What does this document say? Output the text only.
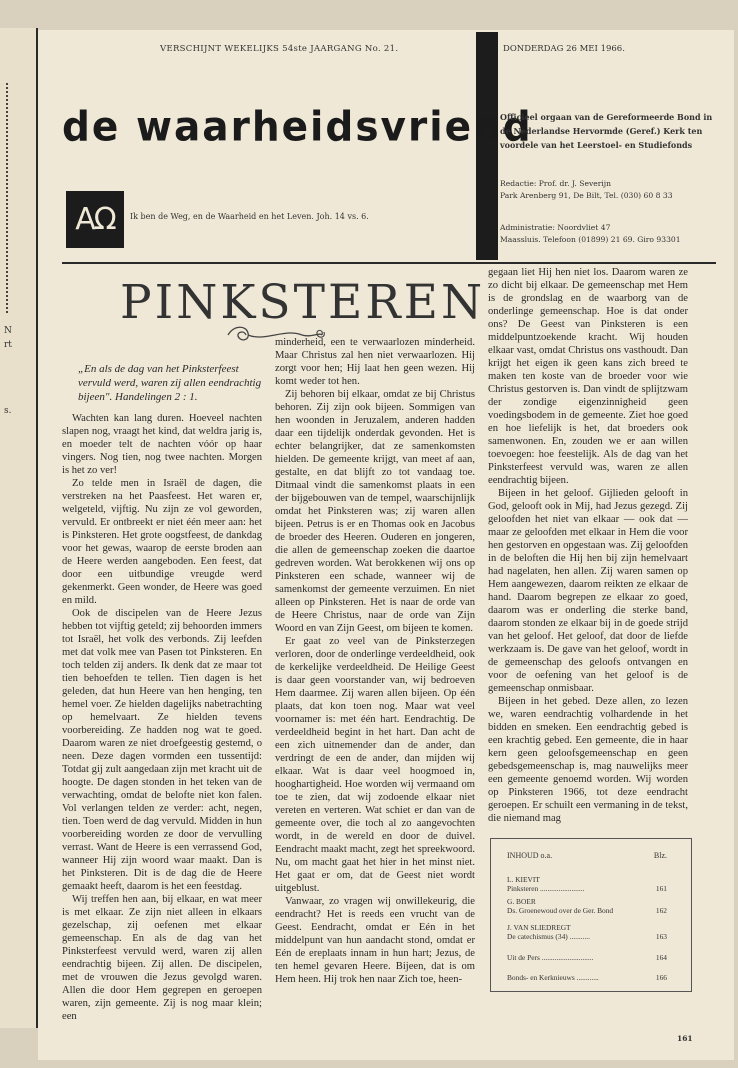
N
rt
s.
VERSCHIJNT WEKELIJKS 54ste JAARGANG No. 21.	DONDERDAG 26 MEI 1966.
de waarheidsvriend
Officieel orgaan van de Gereformeerde Bond in de Nederlandse Hervormde (Geref.) Kerk ten voordele van het Leerstoel- en Studiefonds
Redactie: Prof. dr. J. Severijn
Park Arenberg 91, De Bilt, Tel. (030) 60 8 33
Administratie: Noordvliet 47
Maassluis. Telefoon (01899) 21 69. Giro 93301
AΩ	Ik ben de Weg, en de Waarheid en het Leven. Joh. 14 vs. 6.
PINKSTEREN
„En als de dag van het Pinksterfeest vervuld werd, waren zij allen eendrachtig bijeen". Handelingen 2 : 1.

Wachten kan lang duren. Hoeveel nachten slapen nog, vraagt het kind, dat weldra jarig is, en moeder telt de nachten vóór op haar vingers. Nog tien, nog twee nachten. Morgen is het zo ver!

Zo telde men in Israël de dagen, die verstreken na het Paasfeest. Het waren er, welgeteld, vijftig. Nu zijn ze vol geworden, vervuld. Er ontbreekt er niet één meer aan: het is Pinksteren. Het grote oogstfeest, de dankdag voor het gewas, waarop de eerste broden aan de Heere werden aangeboden. Een feest, dat door een uitbundige vreugde werd gekenmerkt. Geen wonder, de Heere was goed en mild.

Ook de discipelen van de Heere Jezus hebben tot vijftig geteld; zij behoorden immers tot Israël, het volk des verbonds. Zij leefden met dat volk mee van Pasen tot Pinksteren. En toch telden zij anders. Ik denk dat ze maar tot tien behoefden te tellen. Tien dagen is het geleden, dat hun Heere van hen henging, ten hemel voer. Ze hielden dagelijks nabetrachting op hemelvaart. Ze hielden tevens voorbereiding. Ze hadden nog wat te goed. Daarom waren ze niet droefgeestig gestemd, o neen. Deze dagen vormden een tussentijd: Totdat gij zult aangedaan zijn met kracht uit de hoogte. De dagen stonden in het teken van de verwachting, omdat de belofte niet kon falen. Vol verlangen telden ze verder: acht, negen, tien. Toen werd de dag vervuld. Midden in hun voorbereiding worden ze door de vervulling verrast. Want de Heere is een verrassend God, wanneer Hij zijn woord waar maakt. Dan is het Pinksteren. Dit is de dag die de Heere gemaakt heeft, daarom is het een feestdag.

Wij treffen hen aan, bij elkaar, en wat meer is met elkaar. Ze zijn niet alleen in elkaars gezelschap, zij oefenen met elkaar gemeenschap. En als de dag van het Pinksterfeest vervuld werd, waren zij allen eendrachtig bijeen. Zij allen. De discipelen, met de vrouwen die Jezus gevolgd waren. Allen die door Hem gegrepen en geroepen waren, zijn gemeente. Zij is nog maar klein; een

minderheid, een te verwaarlozen minderheid. Maar Christus zal hen niet verwaarlozen. Hij zorgt voor hen; Hij laat hen geen wezen. Hij komt weder tot hen.

Zij behoren bij elkaar, omdat ze bij Christus behoren. Zij zijn ook bijeen. Sommigen van hen woonden in Jeruzalem, anderen hadden daar een tijdelijk onderdak gevonden. Het is echter belangrijker, dat ze samenkomsten hielden. De gemeente krijgt, van meet af aan, gestalte, en dat blijft zo tot vandaag toe. Ditmaal vindt die samenkomst plaats in een der bijgebouwen van de tempel, waarschijnlijk omdat het Pinksteren was; zij waren allen bijeen. Petrus is er en Thomas ook en Jacobus de broeder des Heeren. Ouderen en jongeren, die allen de gemeenschap zoeken die daartoe gedreven worden. Wat berokkenen wij ons op Pinksteren een schade, wanneer wij de samenkomst der gemeente verzuimen. En niet alleen op Pinksteren. Het is naar de orde van de Heere Christus, naar de orde van Zijn Woord en van Zijn Geest, om bijeen te komen.

Er gaat zo veel van de Pinksterzegen verloren, door de onderlinge verdeeldheid, ook de kerkelijke verdeeldheid. De Heilige Geest is daar geen voorstander van, wij bedroeven Hem daarmee. Zij waren allen bijeen. Op één plaats, dat kon toen nog. Maar wat veel voornamer is: met één hart. Eendrachtig. De verdeeldheid begint in het hart. Dan acht de een zich uitnemender dan de ander, dan verdringt de een de ander, dan mijden wij elkaar. Wat is daar veel hoogmoed in, hooghartigheid. Hoe worden wij vermaand om toe te zien, dat wij zodoende elkaar niet vereten en verteren. Wat schiet er dan van de gemeente over, die toch al zo aangevochten wordt, in de wereld en door de duivel. Eendracht maakt macht, zegt het spreekwoord. Nu, om macht gaat het hier in het minst niet. Het gaat er om, dat de Geest niet wordt uitgeblust.

Vanwaar, zo vragen wij onwillekeurig, die eendracht? Het is reeds een vrucht van de Geest. Eendracht, omdat er Eén in het middelpunt van hun aandacht stond, omdat er Eén de ereplaats innam in hun hart; Jezus, de ten hemel gevaren Heere. Bijeen, dat is om Hem heen. Hij trok hen naar Zich toe, heen-

gegaan liet Hij hen niet los. Daarom waren ze zo dicht bij elkaar. De gemeenschap met Hem is de grondslag en de waarborg van de onderlinge gemeenschap. Hoe is dat onder ons? De Geest van Pinksteren is een middelpuntzoekende kracht. Wij houden elkaar vast, omdat Christus ons vasthoudt. Dan krijgt het eigen ik geen kans zich breed te maken ten koste van de broeder voor wie Christus gestorven is. Dan vindt de splijtzwam der zondige eigenzinnigheid geen voedingsbodem in de gemeente. Ziet hoe goed en hoe liefelijk is het, dat broeders ook samenwonen. En, zouden we er aan willen toevoegen: hoe feestelijk. Als de dag van het Pinksterfeest vervuld was, waren ze allen eendrachtig bijeen.

Bijeen in het geloof. Gijlieden gelooft in God, gelooft ook in Mij, had Jezus gezegd. Zij geloofden het niet van elkaar — ook dat — maar ze geloofden met elkaar in Hem die voor hen gestorven en opgestaan was. Zij geloofden in de beloften die Hij hen bij zijn hemelvaart had nagelaten, hen allen. Zij waren samen op Hem aangewezen, daarom reikten ze elkaar de hand. Daarom begrepen ze elkaar zo goed, daarom was er onderling die sterke band, daarom stonden ze elkaar bij in de goede strijd van het geloof. Het geloof, dat door de liefde werkzaam is. De gave van het geloof, wordt in de gemeenschap des geloofs ontvangen en voor de oefening van het geloof is de gemeenschap onmisbaar.

Bijeen in het gebed. Deze allen, zo lezen we, waren eendrachtig volhardende in het bidden en smeken. Een eendrachtig gebed is een krachtig gebed. Een gemeente, die in haar kern geen geloofsgemeenschap en geen gebedsgemeenschap is, mag nauwelijks meer een gemeente genoemd worden. Wij worden op Pinksteren 1966, tot deze eendracht geroepen. Er schuilt een vermaning in de tekst, die niemand mag

INHOUD o.a.	Blz.
L. KIEVIT
Pinksteren ........................	161
G. BOER
Ds. Groenewoud over de Ger. Bond	162
J. VAN SLIEDREGT
De catechismus (34) ...........	163
Uit de Pers ............................	164
Bonds- en Kerknieuws ............	166
161
